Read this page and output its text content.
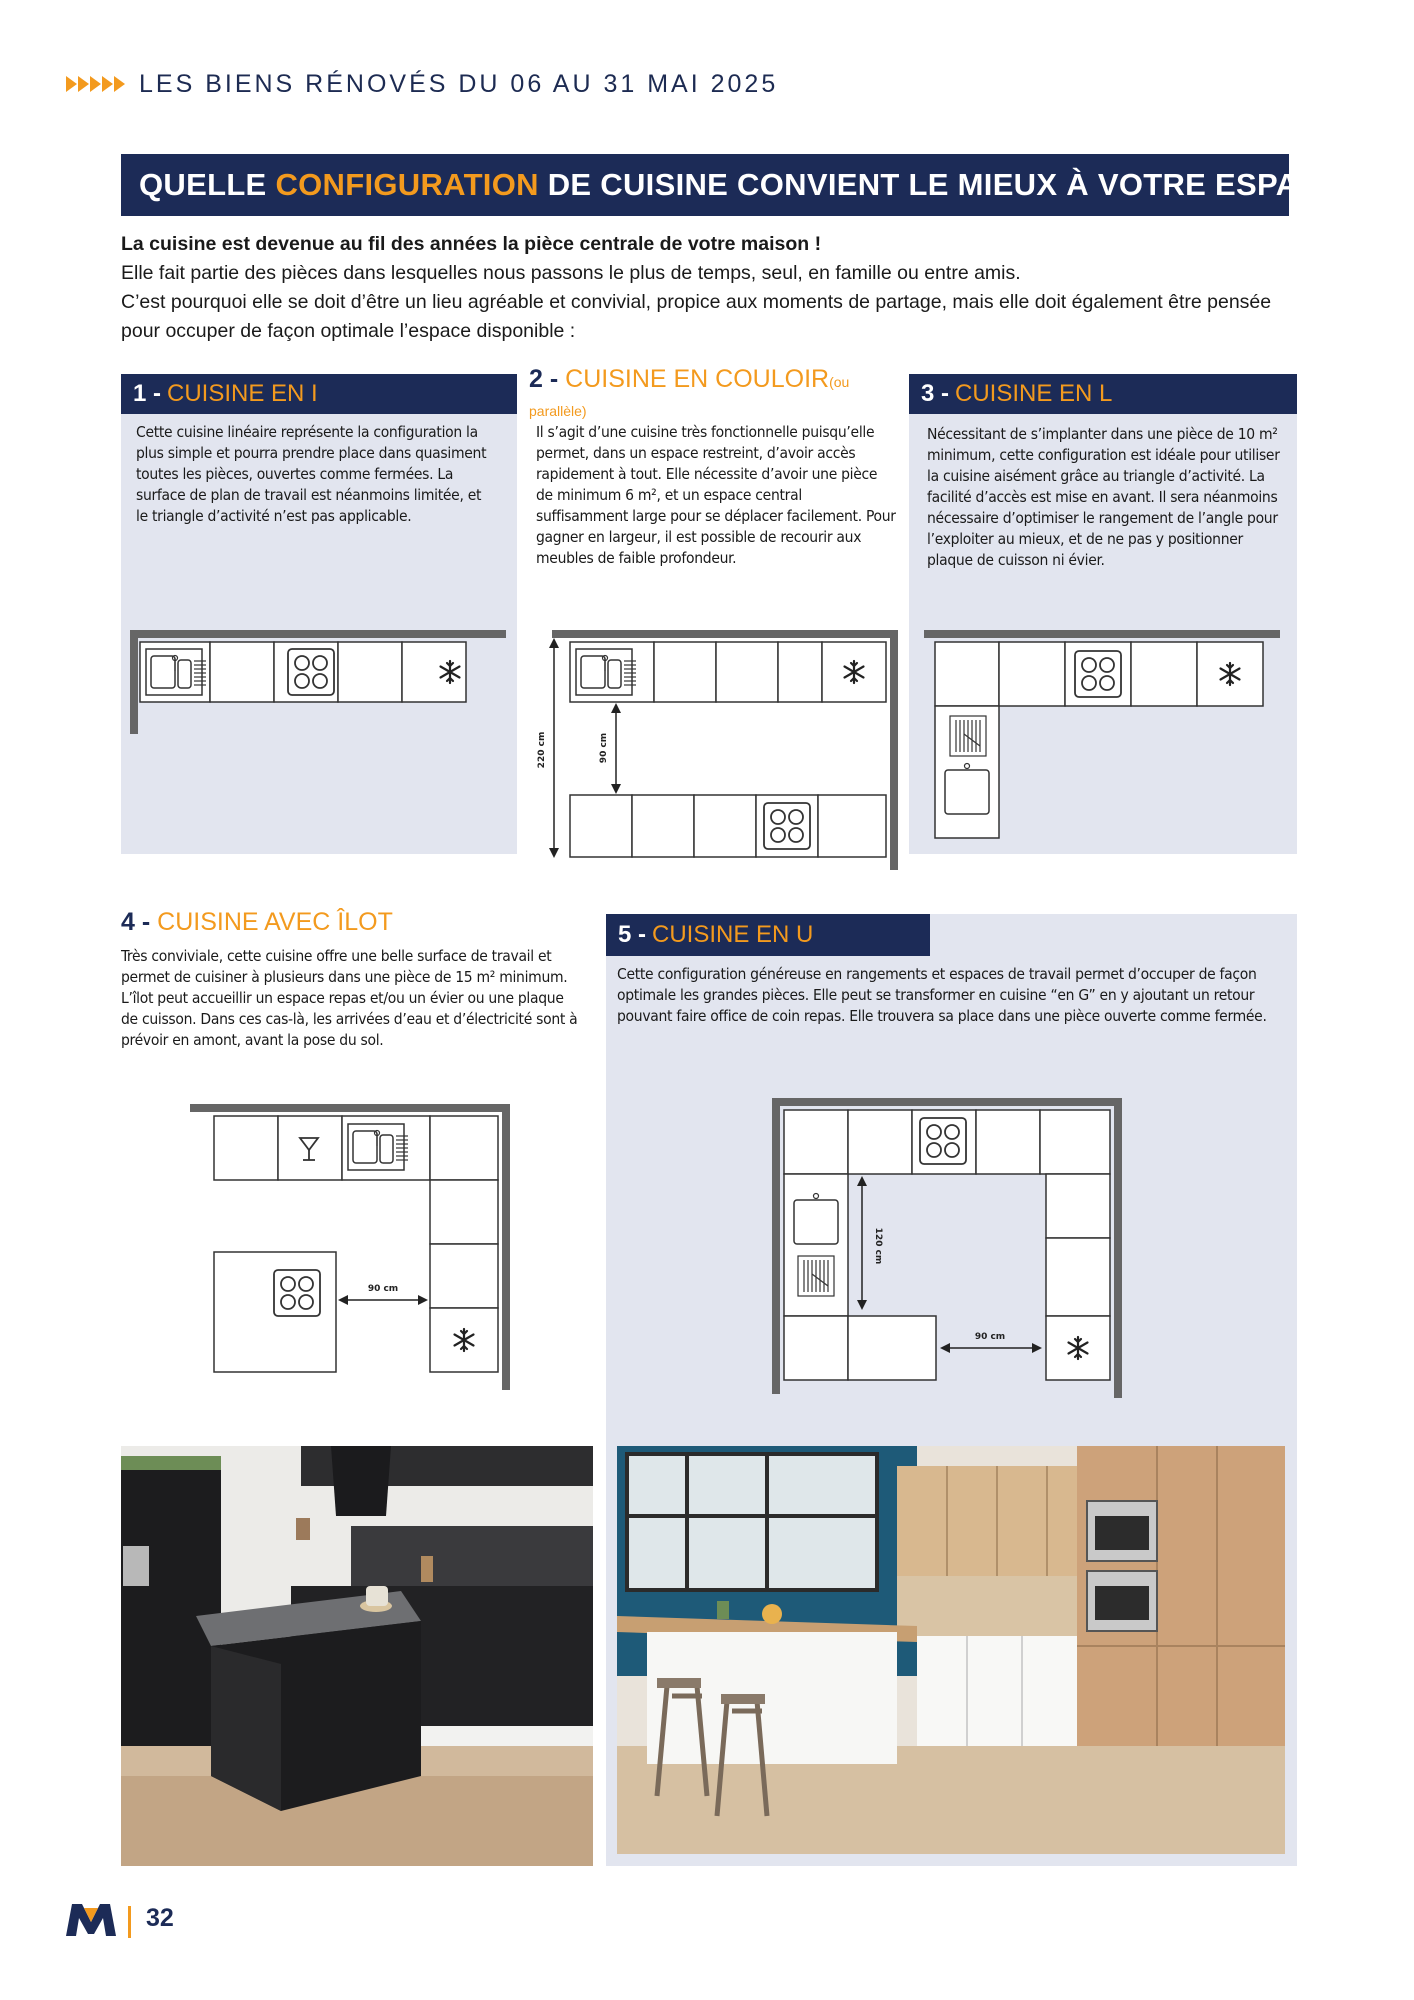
LES BIENS RÉNOVÉS DU 06 AU 31 MAI 2025
QUELLE CONFIGURATION DE CUISINE CONVIENT LE MIEUX À VOTRE ESPACE ?
La cuisine est devenue au fil des années la pièce centrale de votre maison !
Elle fait partie des pièces dans lesquelles nous passons le plus de temps, seul, en famille ou entre amis.
C’est pourquoi elle se doit d’être un lieu agréable et convivial, propice aux moments de partage, mais elle doit également être pensée pour occuper de façon optimale l’espace disponible :
1 - CUISINE EN I
Cette cuisine linéaire représente la configuration la plus simple et pourra prendre place dans quasiment toutes les pièces, ouvertes comme fermées. La surface de plan de travail est néanmoins limitée, et le triangle d’activité n’est pas applicable.
2 - CUISINE EN COULOIR(ou parallèle)
Il s’agit d’une cuisine très fonctionnelle puisqu’elle permet, dans un espace restreint, d’avoir accès rapidement à tout. Elle nécessite d’avoir une pièce de minimum 6 m², et un espace central suffisamment large pour se déplacer facilement. Pour gagner en largeur, il est possible de recourir aux meubles de faible profondeur.
220 cm	90 cm
3 - CUISINE EN L
Nécessitant de s’implanter dans une pièce de 10 m² minimum, cette configuration est idéale pour utiliser la cuisine aisément grâce au triangle d’activité. La facilité d’accès est mise en avant. Il sera néanmoins nécessaire d’optimiser le rangement de l’angle pour l’exploiter au mieux, et de ne pas y positionner plaque de cuisson ni évier.
4 - CUISINE AVEC ÎLOT
Très conviviale, cette cuisine offre une belle surface de travail et permet de cuisiner à plusieurs dans une pièce de 15 m² minimum. L’îlot peut accueillir un espace repas et/ou un évier ou une plaque de cuisson. Dans ces cas-là, les arrivées d’eau et d’électricité sont à prévoir en amont, avant la pose du sol.
90 cm
5 - CUISINE EN U
Cette configuration généreuse en rangements et espaces de travail permet d’occuper de façon optimale les grandes pièces. Elle peut se transformer en cuisine “en G” en y ajoutant un retour pouvant faire office de coin repas. Elle trouvera sa place dans une pièce ouverte comme fermée.
120 cm
90 cm
32
